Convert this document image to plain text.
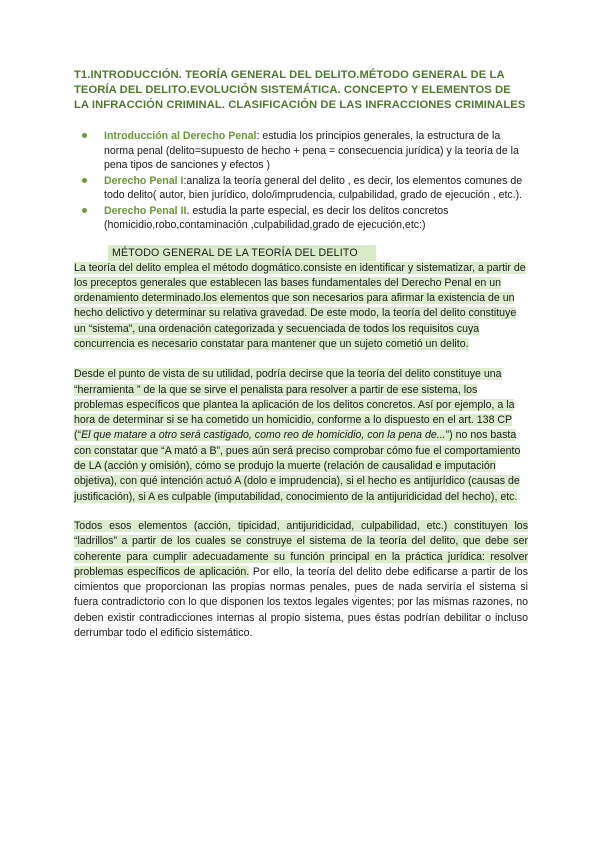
T1.INTRODUCCIÓN. TEORÍA GENERAL DEL DELITO.MÉTODO GENERAL DE LA TEORÍA DEL DELITO.EVOLUCIÓN SISTEMÁTICA. CONCEPTO Y ELEMENTOS DE LA INFRACCIÓN CRIMINAL. CLASIFICACIÓN DE LAS INFRACCIONES CRIMINALES
Introducción al Derecho Penal: estudia los principios generales, la estructura de la norma penal (delito=supuesto de hecho + pena = consecuencia jurídica) y la teoría de la pena tipos de sanciones y efectos )
Derecho Penal I:analiza la teoría general del delito , es decir, los elementos comunes de todo delito( autor, bien jurídico, dolo/imprudencia, culpabilidad, grado de ejecución , etc.).
Derecho Penal II. estudia la parte especial, es decir los delitos concretos (homicidio,robo,contaminación ,culpabilidad,grado de ejecución,etc:)
MÉTODO GENERAL DE LA TEORÍA DEL DELITO

La teoría del delito emplea el método dogmático.consiste en identificar y sistematizar, a partir de los preceptos generales que establecen las bases fundamentales del Derecho Penal en un ordenamiento determinado.los elementos que son necesarios para afirmar la existencia de un hecho delictivo y determinar su relativa gravedad. De este modo, la teoría del delito constituye un “sistema”, una ordenación categorizada y secuenciada de todos los requisitos cuya concurrencia es necesario constatar para mantener que un sujeto cometió un delito.

Desde el punto de vista de su utilidad, podría decirse que la teoría del delito constituye una “herramienta ” de la que se sirve el penalista para resolver a partir de ese sistema, los problemas específicos que plantea la aplicación de los delitos concretos. Así por ejemplo, a la hora de determinar si se ha cometido un homicidio, conforme a lo dispuesto en el art. 138 CP (“El que matare a otro será castigado, como reo de homicidio, con la pena de...”) no nos basta con constatar que “A mató a B”, pues aún será preciso comprobar cómo fue el comportamiento de LA (acción y omisión), cómo se produjo la muerte (relación de causalidad e imputación objetiva), con qué intención actuó A (dolo e imprudencia), si el hecho es antijurídico (causas de justificación), si A es culpable (imputabilidad, conocimiento de la antijuridicidad del hecho), etc.

Todos esos elementos (acción, tipicidad, antijuridicidad, culpabilidad, etc.) constituyen los “ladrillos” a partir de los cuales se construye el sistema de la teoría del delito, que debe ser coherente para cumplir adecuadamente su función principal en la práctica jurídica: resolver problemas específicos de aplicación. Por ello, la teoría del delito debe edificarse a partir de los cimientos que proporcionan las propias normas penales, pues de nada serviría el sistema si fuera contradictorio con lo que disponen los textos legales vigentes; por las mismas razones, no deben existir contradicciones internas al propio sistema, pues éstas podrían debilitar o incluso derrumbar todo el edificio sistemático.
